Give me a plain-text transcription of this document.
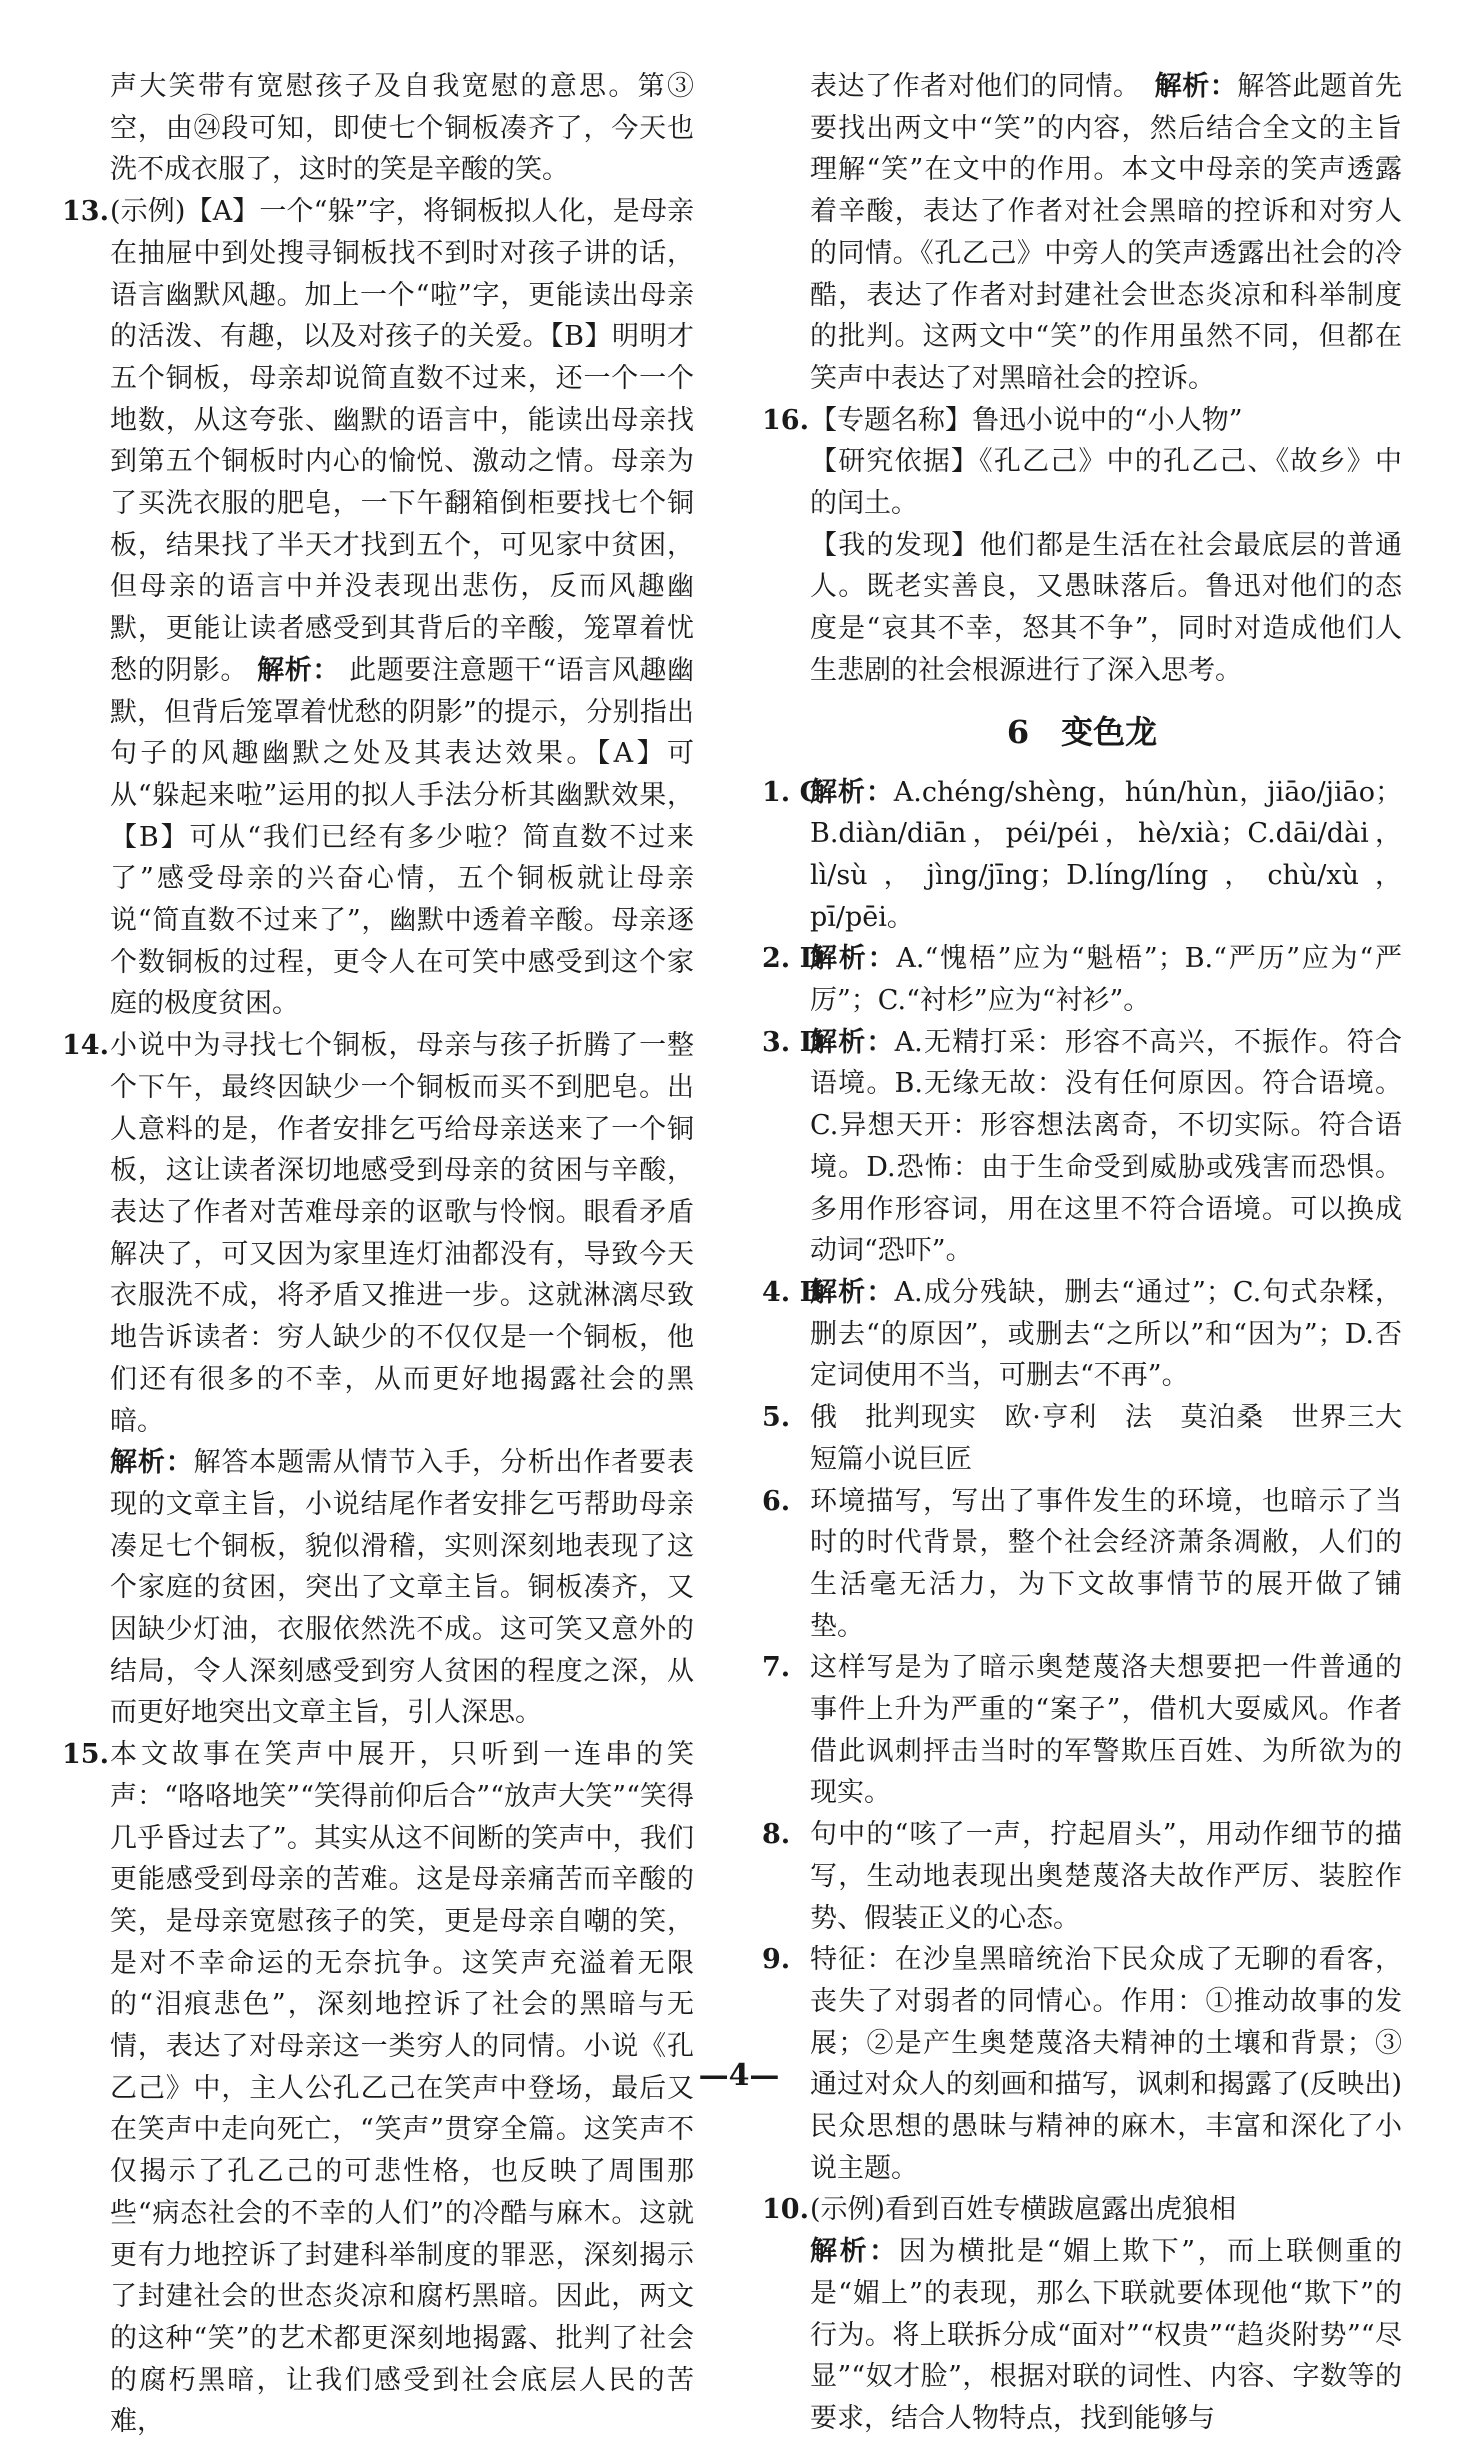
声大笑带有宽慰孩子及自我宽慰的意思。第③空，由㉔段可知，即使七个铜板凑齐了，今天也洗不成衣服了，这时的笑是辛酸的笑。
13. (示例)【A】一个“躲”字，将铜板拟人化，是母亲在抽屉中到处搜寻铜板找不到时对孩子讲的话，语言幽默风趣。加上一个“啦”字，更能读出母亲的活泼、有趣，以及对孩子的关爱。【B】明明才五个铜板，母亲却说简直数不过来，还一个一个地数，从这夸张、幽默的语言中，能读出母亲找到第五个铜板时内心的愉悦、激动之情。母亲为了买洗衣服的肥皂，一下午翻箱倒柜要找七个铜板，结果找了半天才找到五个，可见家中贫困，但母亲的语言中并没表现出悲伤，反而风趣幽默，更能让读者感受到其背后的辛酸，笼罩着忧愁的阴影。 解析： 此题要注意题干“语言风趣幽默，但背后笼罩着忧愁的阴影”的提示，分别指出句子的风趣幽默之处及其表达效果。【A】可从“躲起来啦”运用的拟人手法分析其幽默效果，【B】可从“我们已经有多少啦？简直数不过来了”感受母亲的兴奋心情，五个铜板就让母亲说“简直数不过来了”，幽默中透着辛酸。母亲逐个数铜板的过程，更令人在可笑中感受到这个家庭的极度贫困。
14. 小说中为寻找七个铜板，母亲与孩子折腾了一整个下午，最终因缺少一个铜板而买不到肥皂。出人意料的是，作者安排乞丐给母亲送来了一个铜板，这让读者深切地感受到母亲的贫困与辛酸，表达了作者对苦难母亲的讴歌与怜悯。眼看矛盾解决了，可又因为家里连灯油都没有，导致今天衣服洗不成，将矛盾又推进一步。这就淋漓尽致地告诉读者：穷人缺少的不仅仅是一个铜板，他们还有很多的不幸，从而更好地揭露社会的黑暗。
解析：解答本题需从情节入手，分析出作者要表现的文章主旨，小说结尾作者安排乞丐帮助母亲凑足七个铜板，貌似滑稽，实则深刻地表现了这个家庭的贫困，突出了文章主旨。铜板凑齐，又因缺少灯油，衣服依然洗不成。这可笑又意外的结局，令人深刻感受到穷人贫困的程度之深，从而更好地突出文章主旨，引人深思。
15. 本文故事在笑声中展开，只听到一连串的笑声：“咯咯地笑”“笑得前仰后合”“放声大笑”“笑得几乎昏过去了”。其实从这不间断的笑声中，我们更能感受到母亲的苦难。这是母亲痛苦而辛酸的笑，是母亲宽慰孩子的笑，更是母亲自嘲的笑，是对不幸命运的无奈抗争。这笑声充溢着无限的“泪痕悲色”，深刻地控诉了社会的黑暗与无情，表达了对母亲这一类穷人的同情。小说《孔乙己》中，主人公孔乙己在笑声中登场，最后又在笑声中走向死亡，“笑声”贯穿全篇。这笑声不仅揭示了孔乙己的可悲性格，也反映了周围那些“病态社会的不幸的人们”的冷酷与麻木。这就更有力地控诉了封建科举制度的罪恶，深刻揭示了封建社会的世态炎凉和腐朽黑暗。因此，两文的这种“笑”的艺术都更深刻地揭露、批判了社会的腐朽黑暗，让我们感受到社会底层人民的苦难，
表达了作者对他们的同情。　 解析：解答此题首先要找出两文中“笑”的内容，然后结合全文的主旨理解“笑”在文中的作用。本文中母亲的笑声透露着辛酸，表达了作者对社会黑暗的控诉和对穷人的同情。《孔乙己》中旁人的笑声透露出社会的冷酷，表达了作者对封建社会世态炎凉和科举制度的批判。这两文中“笑”的作用虽然不同，但都在笑声中表达了对黑暗社会的控诉。
16. 【专题名称】鲁迅小说中的“小人物”
【研究依据】《孔乙己》中的孔乙己、《故乡》中的闰土。
【我的发现】他们都是生活在社会最底层的普通人。既老实善良，又愚昧落后。鲁迅对他们的态度是“哀其不幸，怒其不争”，同时对造成他们人生悲剧的社会根源进行了深入思考。
6　变色龙
1. C
解析：A.chéng/shèng，hún/hùn，jiāo/jiāo；B.diàn/diān，péi/péi，hè/xià；C.dāi/dài，lì/sù，jìng/jīng；D.líng/líng，chù/xù，pī/pēi。
2. D
解析：A.“愧梧”应为“魁梧”；B.“严历”应为“严厉”；C.“衬杉”应为“衬衫”。
3. D
解析：A.无精打采：形容不高兴，不振作。符合语境。B.无缘无故：没有任何原因。符合语境。C.异想天开：形容想法离奇，不切实际。符合语境。D.恐怖：由于生命受到威胁或残害而恐惧。多用作形容词，用在这里不符合语境。可以换成动词“恐吓”。
4. B
解析：A.成分残缺，删去“通过”；C.句式杂糅，删去“的原因”，或删去“之所以”和“因为”；D.否定词使用不当，可删去“不再”。
5. 俄　批判现实　欧·亨利　法　莫泊桑　世界三大短篇小说巨匠
6. 环境描写，写出了事件发生的环境，也暗示了当时的时代背景，整个社会经济萧条凋敝，人们的生活毫无活力，为下文故事情节的展开做了铺垫。
7. 这样写是为了暗示奥楚蔑洛夫想要把一件普通的事件上升为严重的“案子”，借机大耍威风。作者借此讽刺抨击当时的军警欺压百姓、为所欲为的现实。
8. 句中的“咳了一声，拧起眉头”，用动作细节的描写，生动地表现出奥楚蔑洛夫故作严厉、装腔作势、假装正义的心态。
9. 特征：在沙皇黑暗统治下民众成了无聊的看客，丧失了对弱者的同情心。作用：①推动故事的发展；②是产生奥楚蔑洛夫精神的土壤和背景；③通过对众人的刻画和描写，讽刺和揭露了(反映出)民众思想的愚昧与精神的麻木，丰富和深化了小说主题。
10. (示例)看到百姓专横跋扈露出虎狼相
解析：因为横批是“媚上欺下”，而上联侧重的是“媚上”的表现，那么下联就要体现他“欺下”的行为。将上联拆分成“面对”“权贵”“趋炎附势”“尽显”“奴才脸”，根据对联的词性、内容、字数等的要求，结合人物特点，找到能够与
—4—
